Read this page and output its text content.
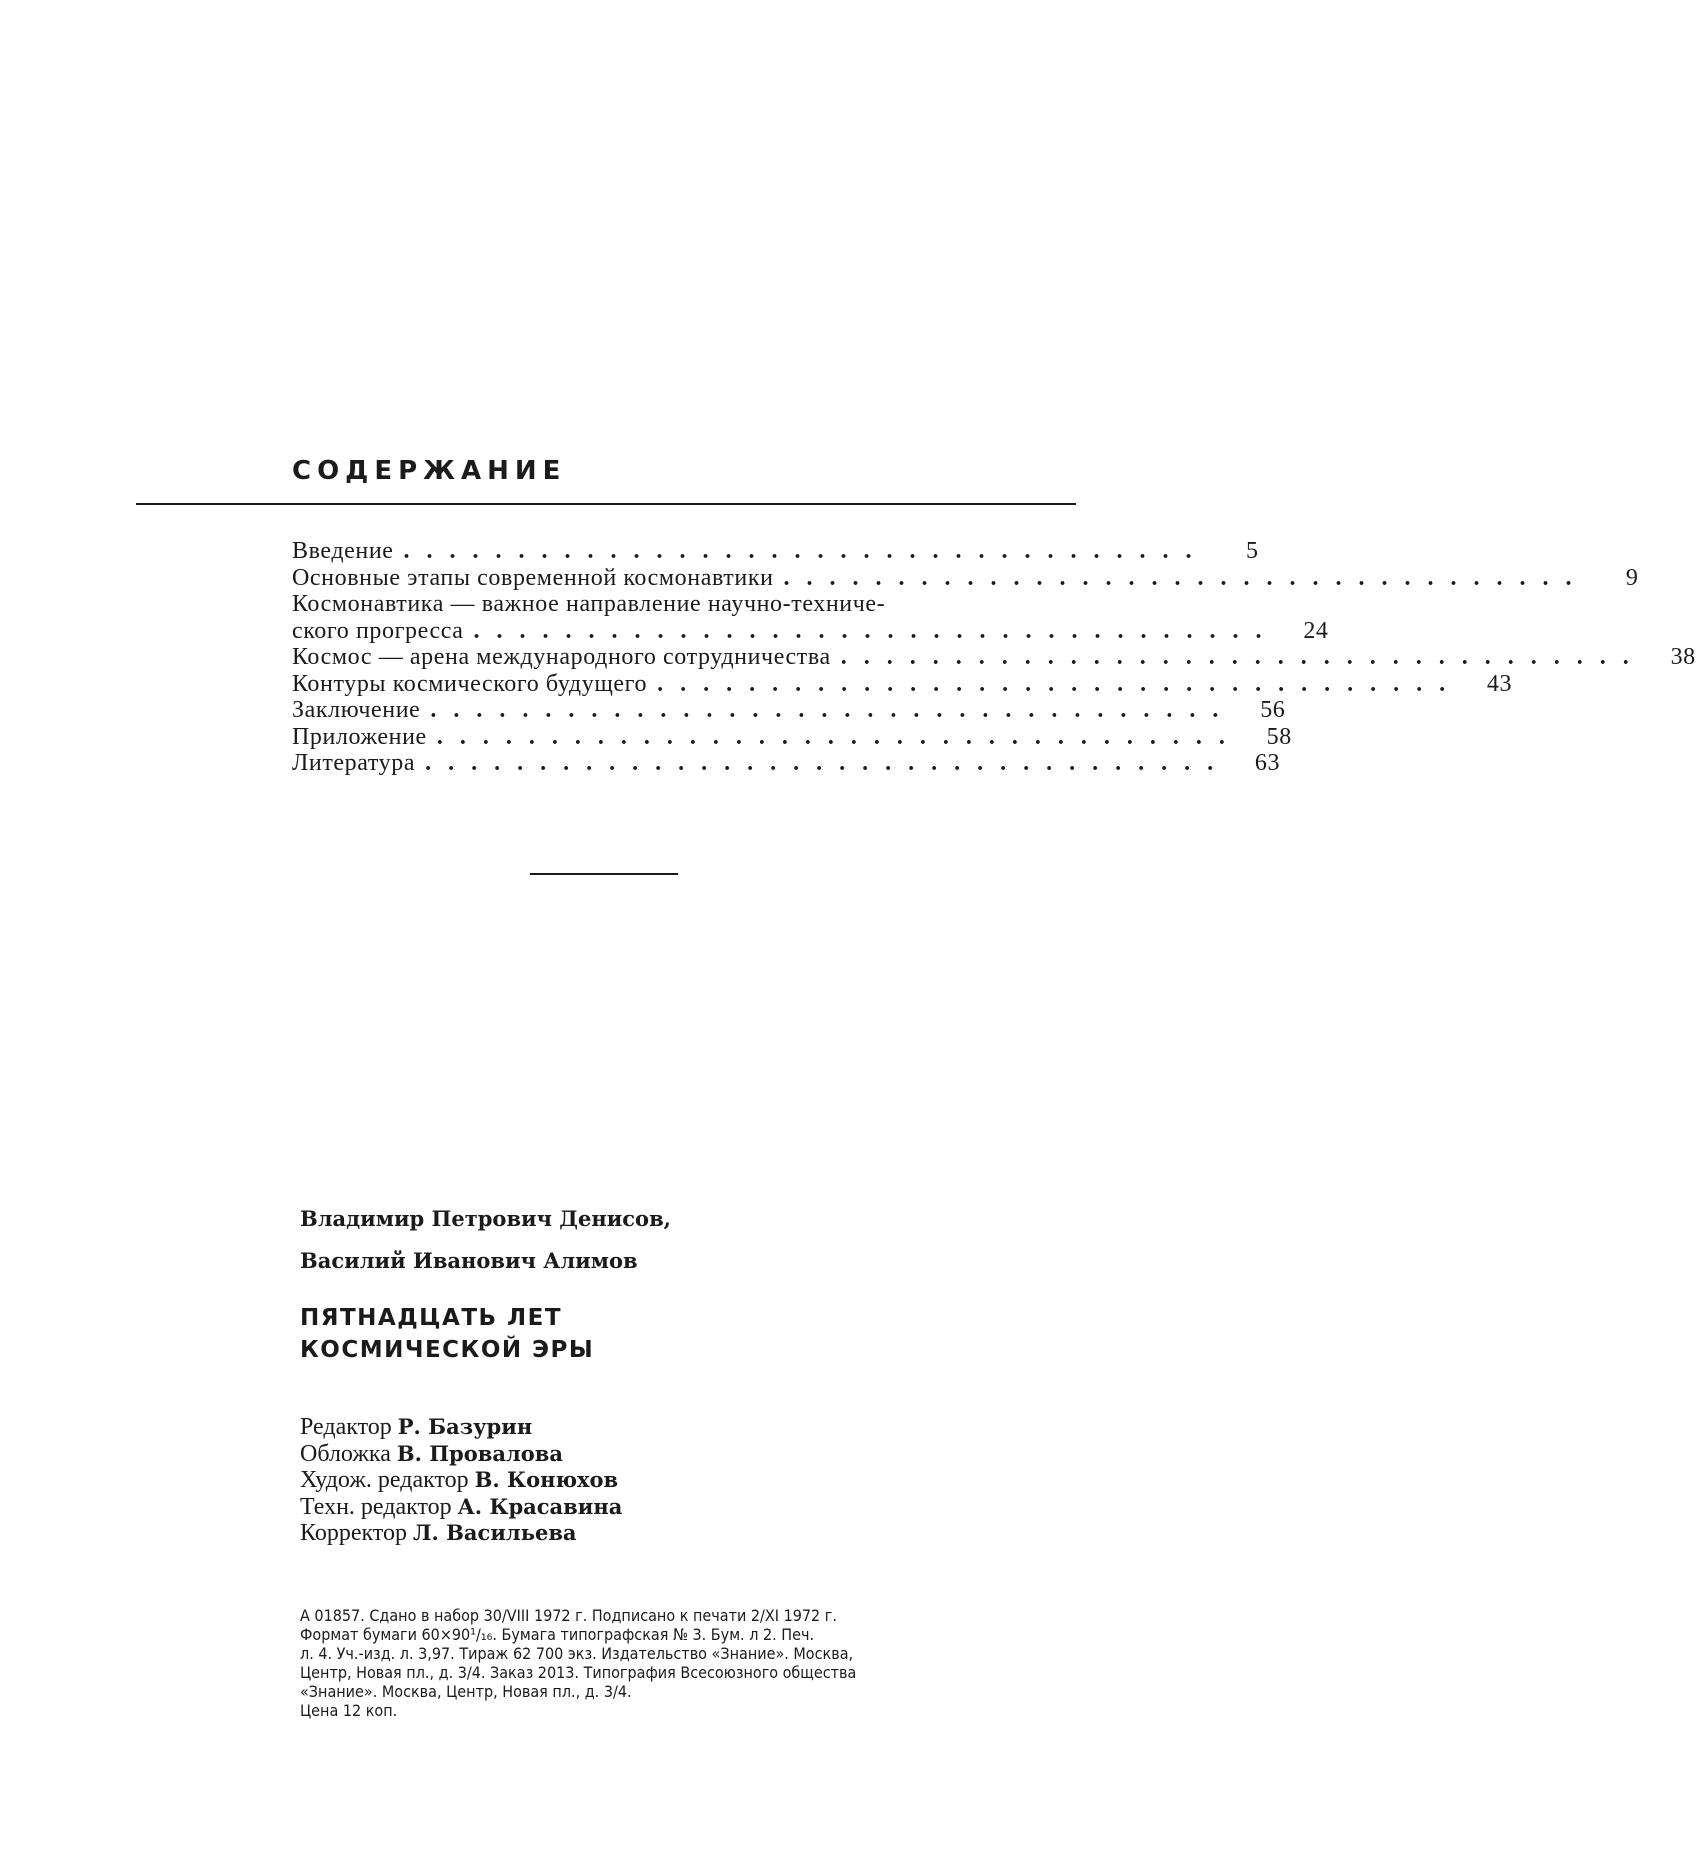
СОДЕРЖАНИЕ
Введение ...................................	5
Основные этапы современной космонавтики ...................................	9
Космонавтика — важное направление научно-техниче-
ского прогресса ...................................	24
Космос — арена международного сотрудничества ...................................	38
Контуры космического будущего ...................................	43
Заключение ...................................	56
Приложение ...................................	58
Литература ...................................	63
Владимир Петрович Денисов,
Василий Иванович Алимов
ПЯТНАДЦАТЬ ЛЕТ
КОСМИЧЕСКОЙ ЭРЫ
Редактор Р. Базурин
Обложка В. Провалова
Худож. редактор В. Конюхов
Техн. редактор А. Красавина
Корректор Л. Васильева
А 01857. Сдано в набор 30/VIII 1972 г. Подписано к печати 2/XI 1972 г.
Формат бумаги 60×90¹/₁₆. Бумага типографская № 3. Бум. л 2. Печ.
л. 4. Уч.-изд. л. 3,97. Тираж 62 700 экз. Издательство «Знание». Москва,
Центр, Новая пл., д. 3/4. Заказ 2013. Типография Всесоюзного общества
«Знание». Москва, Центр, Новая пл., д. 3/4.
Цена 12 коп.
